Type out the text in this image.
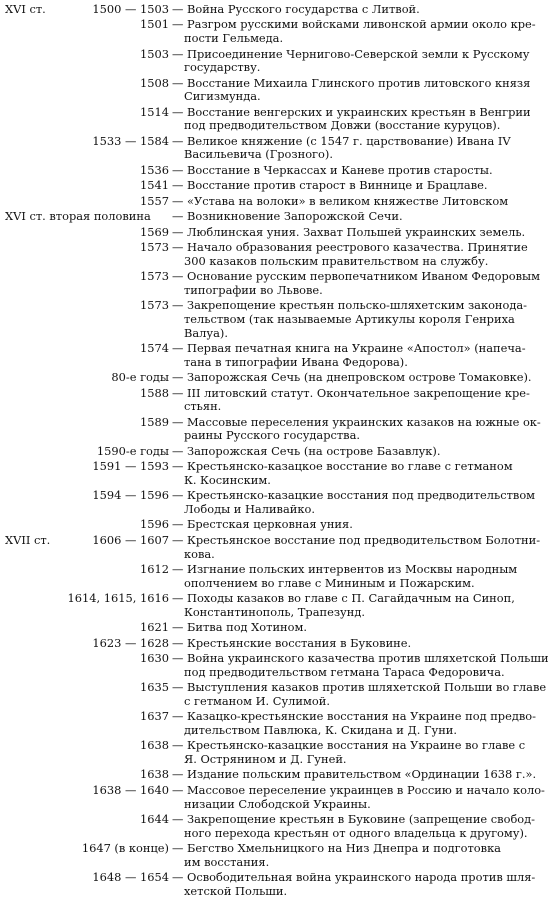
XVI ст.	1500 — 1503 — Война Русского государства с Литвой.
1501 — Разгром русскими войсками ливонской армии около кре-
пости Гельмеда.
1503 — Присоединение Чернигово-Северской земли к Русскому
государству.
1508 — Восстание Михаила Глинского против литовского князя
Сигизмунда.
1514 — Восстание венгерских и украинских крестьян в Венгрии
под предводительством Довжи (восстание куруцов).
1533 — 1584 — Великое княжение (с 1547 г. царствование) Ивана IV
Васильевича (Грозного).
1536 — Восстание в Черкассах и Каневе против старосты.
1541 — Восстание против старост в Виннице и Брацлаве.
1557 — «Устава на волоки» в великом княжестве Литовском
XVI ст. вторая половина — Возникновение Запорожской Сечи.
1569 — Люблинская уния. Захват Польшей украинских земель.
1573 — Начало образования реестрового казачества. Принятие
300 казаков польским правительством на службу.
1573 — Основание русским первопечатником Иваном Федоровым
типографии во Львове.
1573 — Закрепощение крестьян польско-шляхетским законода-
тельством (так называемые Артикулы короля Генриха
Валуа).
1574 — Первая печатная книга на Украине «Апостол» (напеча-
тана в типографии Ивана Федорова).
80-е годы — Запорожская Сечь (на днепровском острове Томаковке).
1588 — III литовский статут. Окончательное закрепощение кре-
стьян.
1589 — Массовые переселения украинских казаков на южные ок-
раины Русского государства.
1590-е годы — Запорожская Сечь (на острове Базавлук).
1591 — 1593 — Крестьянско-казацкое восстание во главе с гетманом
К. Косинским.
1594 — 1596 — Крестьянско-казацкие восстания под предводительством
Лободы и Наливайко.
1596 — Брестская церковная уния.
XVII ст.	1606 — 1607 — Крестьянское восстание под предводительством Болотни-
кова.
1612 — Изгнание польских интервентов из Москвы народным
ополчением во главе с Мининым и Пожарским.
1614, 1615, 1616 — Походы казаков во главе с П. Сагайдачным на Синоп,
Константинополь, Трапезунд.
1621 — Битва под Хотином.
1623 — 1628 — Крестьянские восстания в Буковине.
1630 — Война украинского казачества против шляхетской Польши
под предводительством гетмана Тараса Федоровича.
1635 — Выступления казаков против шляхетской Польши во главе
с гетманом И. Сулимой.
1637 — Казацко-крестьянские восстания на Украине под предво-
дительством Павлюка, К. Скидана и Д. Гуни.
1638 — Крестьянско-казацкие восстания на Украине во главе с
Я. Острянином и Д. Гуней.
1638 — Издание польским правительством «Ординации 1638 г.».
1638 — 1640 — Массовое переселение украинцев в Россию и начало коло-
низации Слободской Украины.
1644 — Закрепощение крестьян в Буковине (запрещение свобод-
ного перехода крестьян от одного владельца к другому).
1647 (в конце) — Бегство Хмельницкого на Низ Днепра и подготовка
им восстания.
1648 — 1654 — Освободительная война украинского народа против шля-
хетской Польши.
